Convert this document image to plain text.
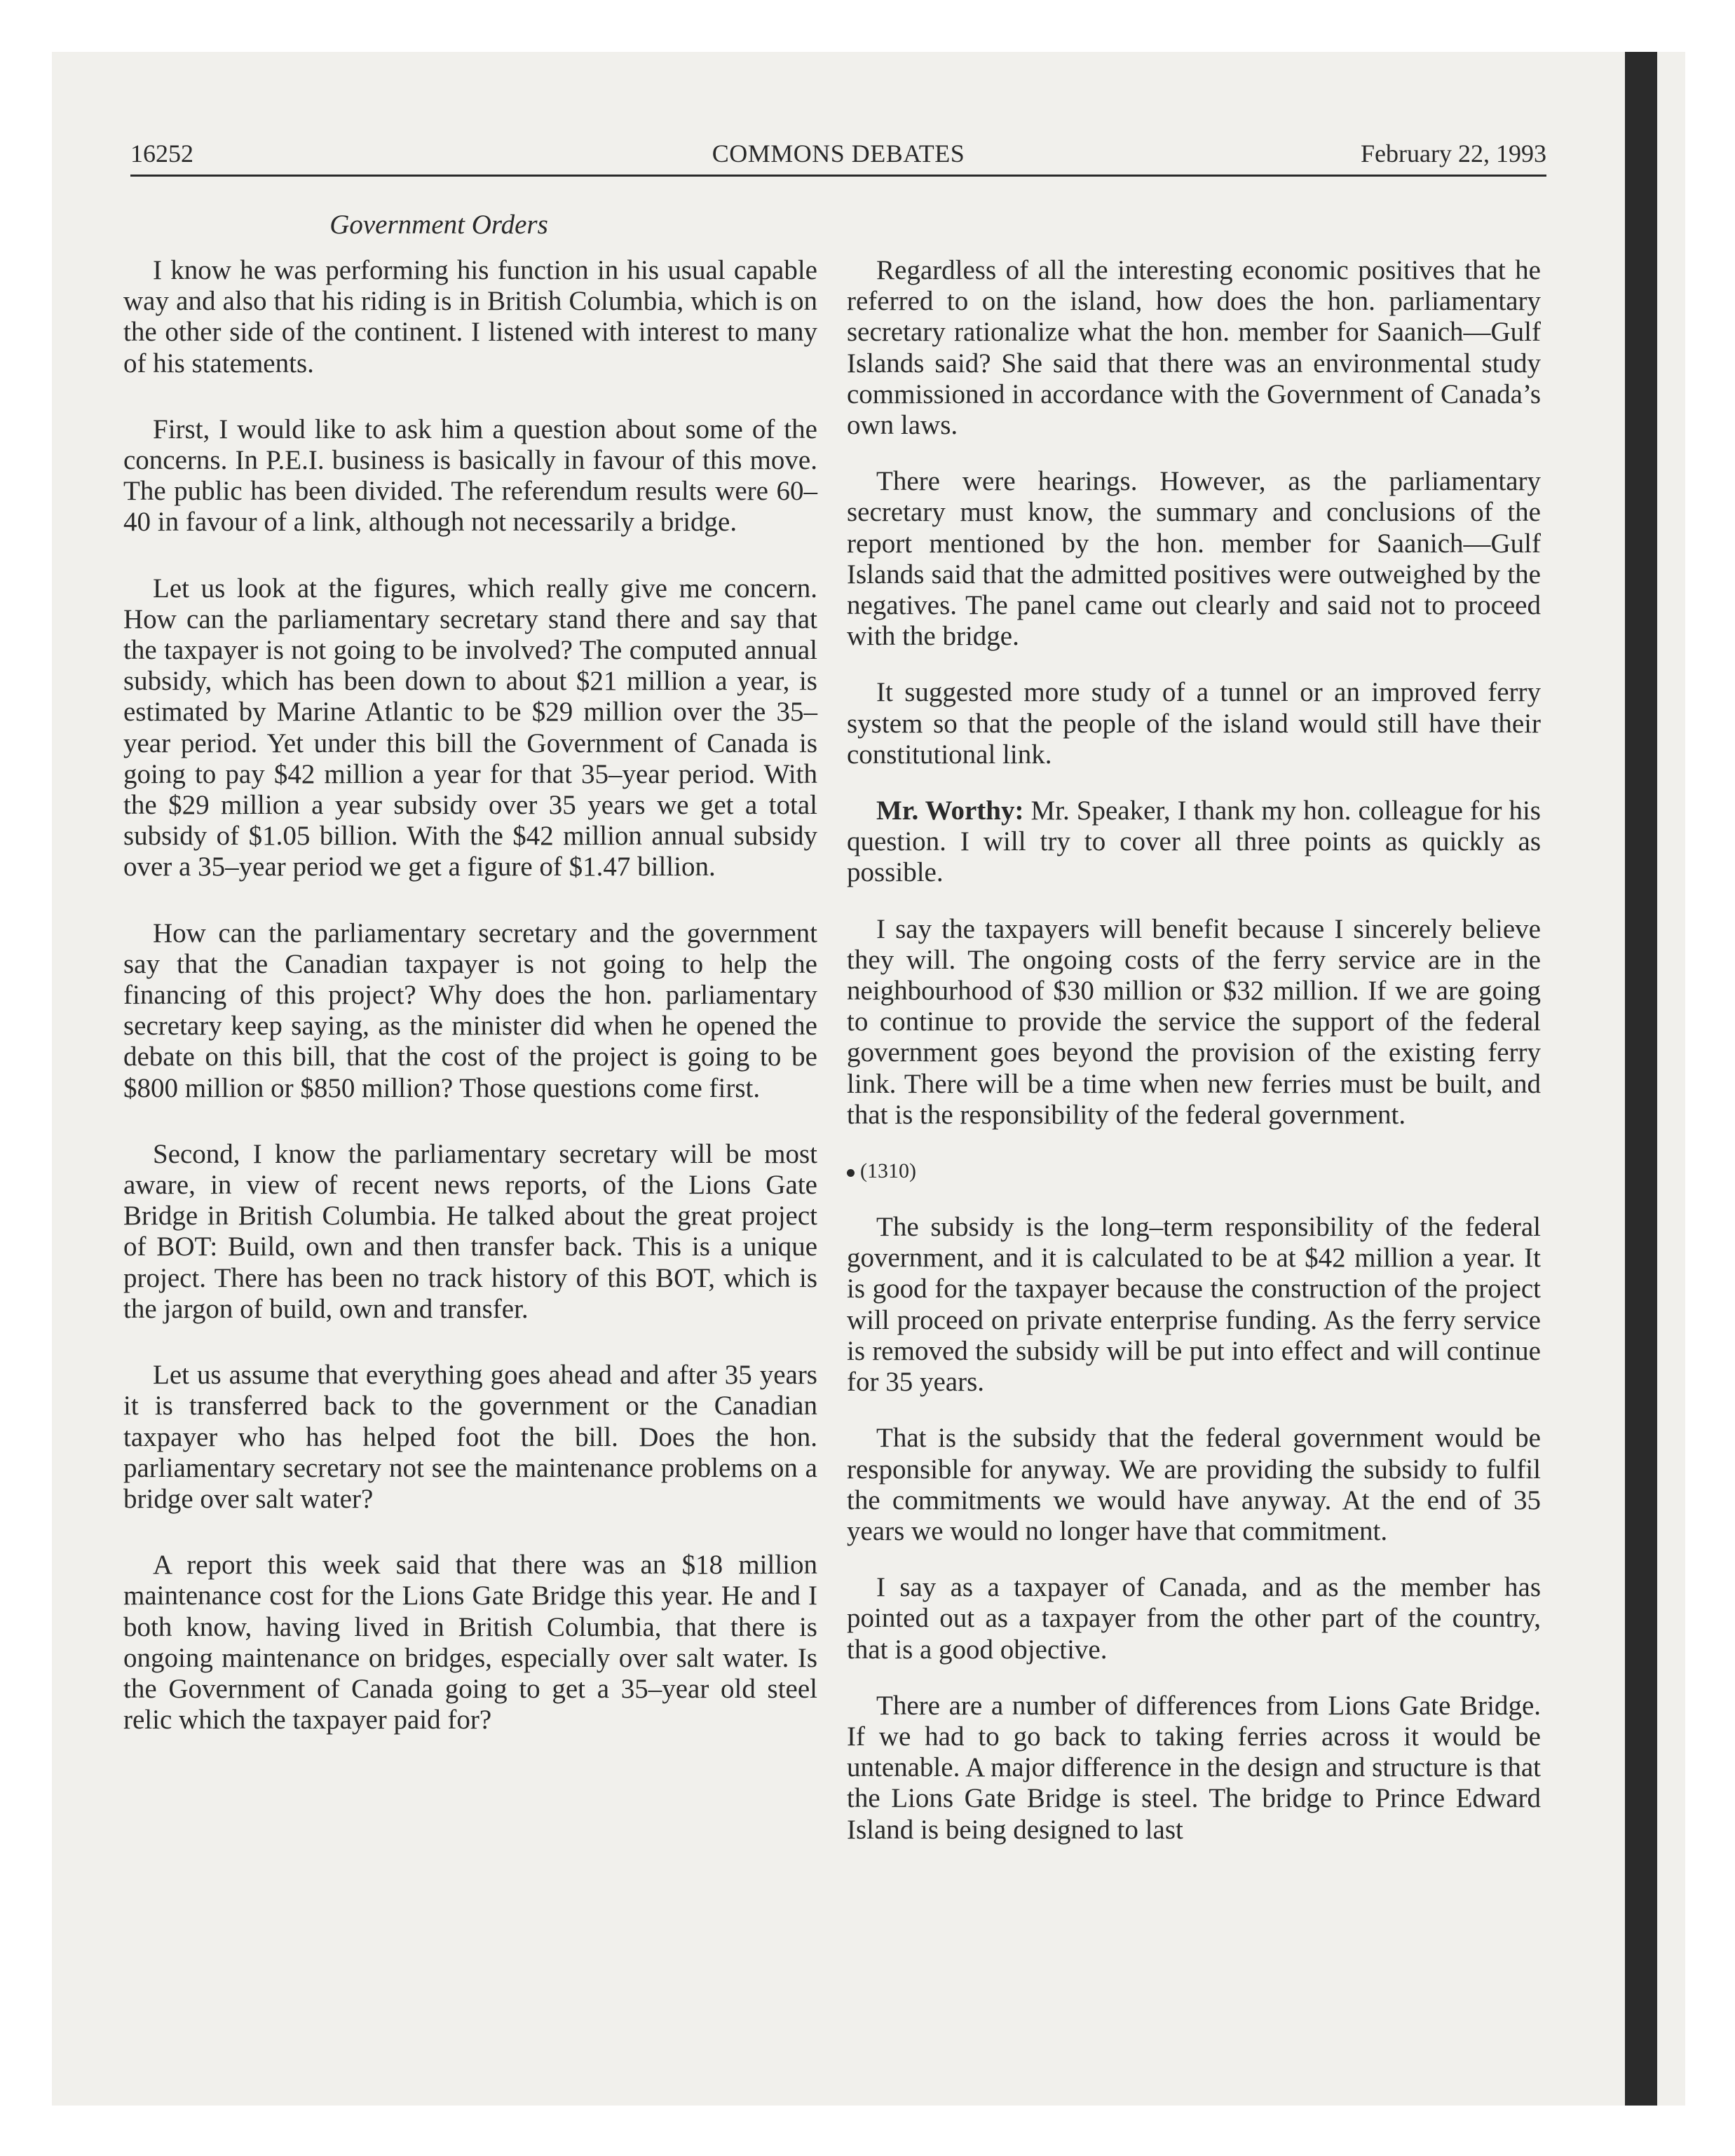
16252	COMMONS DEBATES	February 22, 1993
Government Orders

I know he was performing his function in his usual capable way and also that his riding is in British Columbia, which is on the other side of the continent. I listened with interest to many of his statements.

First, I would like to ask him a question about some of the concerns. In P.E.I. business is basically in favour of this move. The public has been divided. The referendum results were 60–40 in favour of a link, although not necessarily a bridge.

Let us look at the figures, which really give me concern. How can the parliamentary secretary stand there and say that the taxpayer is not going to be involved? The computed annual subsidy, which has been down to about $21 million a year, is estimated by Marine Atlantic to be $29 million over the 35–year period. Yet under this bill the Government of Canada is going to pay $42 million a year for that 35–year period. With the $29 million a year subsidy over 35 years we get a total subsidy of $1.05 billion. With the $42 million annual subsidy over a 35–year period we get a figure of $1.47 billion.

How can the parliamentary secretary and the government say that the Canadian taxpayer is not going to help the financing of this project? Why does the hon. parliamentary secretary keep saying, as the minister did when he opened the debate on this bill, that the cost of the project is going to be $800 million or $850 million? Those questions come first.

Second, I know the parliamentary secretary will be most aware, in view of recent news reports, of the Lions Gate Bridge in British Columbia. He talked about the great project of BOT: Build, own and then transfer back. This is a unique project. There has been no track history of this BOT, which is the jargon of build, own and transfer.

Let us assume that everything goes ahead and after 35 years it is transferred back to the government or the Canadian taxpayer who has helped foot the bill. Does the hon. parliamentary secretary not see the maintenance problems on a bridge over salt water?

A report this week said that there was an $18 million maintenance cost for the Lions Gate Bridge this year. He and I both know, having lived in British Columbia, that there is ongoing maintenance on bridges, especially over salt water. Is the Government of Canada going to get a 35–year old steel relic which the taxpayer paid for?

Regardless of all the interesting economic positives that he referred to on the island, how does the hon. parliamentary secretary rationalize what the hon. member for Saanich—Gulf Islands said? She said that there was an environmental study commissioned in accordance with the Government of Canada’s own laws.

There were hearings. However, as the parliamentary secretary must know, the summary and conclusions of the report mentioned by the hon. member for Saanich—Gulf Islands said that the admitted positives were outweighed by the negatives. The panel came out clearly and said not to proceed with the bridge.

It suggested more study of a tunnel or an improved ferry system so that the people of the island would still have their constitutional link.

Mr. Worthy: Mr. Speaker, I thank my hon. colleague for his question. I will try to cover all three points as quickly as possible.

I say the taxpayers will benefit because I sincerely believe they will. The ongoing costs of the ferry service are in the neighbourhood of $30 million or $32 million. If we are going to continue to provide the service the support of the federal government goes beyond the provision of the existing ferry link. There will be a time when new ferries must be built, and that is the responsibility of the federal government.

(1310)

The subsidy is the long–term responsibility of the federal government, and it is calculated to be at $42 million a year. It is good for the taxpayer because the construction of the project will proceed on private enterprise funding. As the ferry service is removed the subsidy will be put into effect and will continue for 35 years.

That is the subsidy that the federal government would be responsible for anyway. We are providing the subsidy to fulfil the commitments we would have anyway. At the end of 35 years we would no longer have that commitment.

I say as a taxpayer of Canada, and as the member has pointed out as a taxpayer from the other part of the country, that is a good objective.

There are a number of differences from Lions Gate Bridge. If we had to go back to taking ferries across it would be untenable. A major difference in the design and structure is that the Lions Gate Bridge is steel. The bridge to Prince Edward Island is being designed to last
